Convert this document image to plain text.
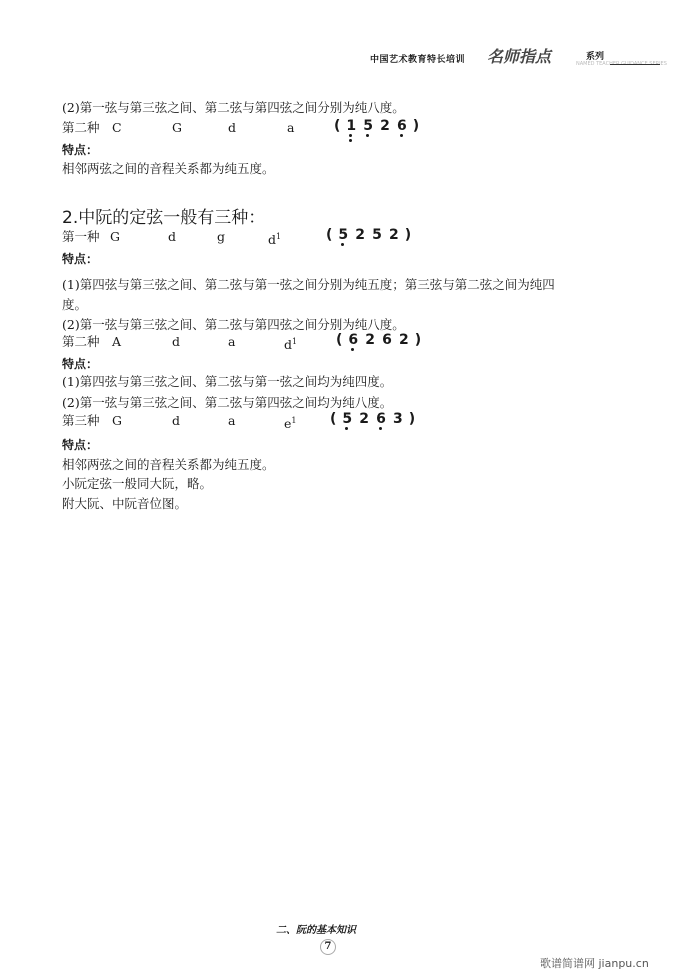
中国艺术教育特长培训 名师指点	系列
NAMED TEACHER GUIDANCE SERIES
(2)第一弦与第三弦之间、第二弦与第四弦之间分别为纯八度。
第二种 C	G	d	a	( 1 5 2 6 )
特点：
相邻两弦之间的音程关系都为纯五度。
2.中阮的定弦一般有三种：
第一种 G	d	g	$d^1$	( 5 2 5 2 )
特点：
(1)第四弦与第三弦之间、第二弦与第一弦之间分别为纯五度；第三弦与第二弦之间为纯四
度。
(2)第一弦与第三弦之间、第二弦与第四弦之间分别为纯八度。
第二种 A	d	a	$d^1$	( 6 2 6 2 )
特点：
(1)第四弦与第三弦之间、第二弦与第一弦之间均为纯四度。
(2)第一弦与第三弦之间、第二弦与第四弦之间均为纯八度。
第三种 G	d	a	$e^1$ ( 5 2 6 3 )
特点：
相邻两弦之间的音程关系都为纯五度。
小阮定弦一般同大阮，略。
附大阮、中阮音位图。
二、阮的基本知识
7
歌谱简谱网 jianpu.cn
